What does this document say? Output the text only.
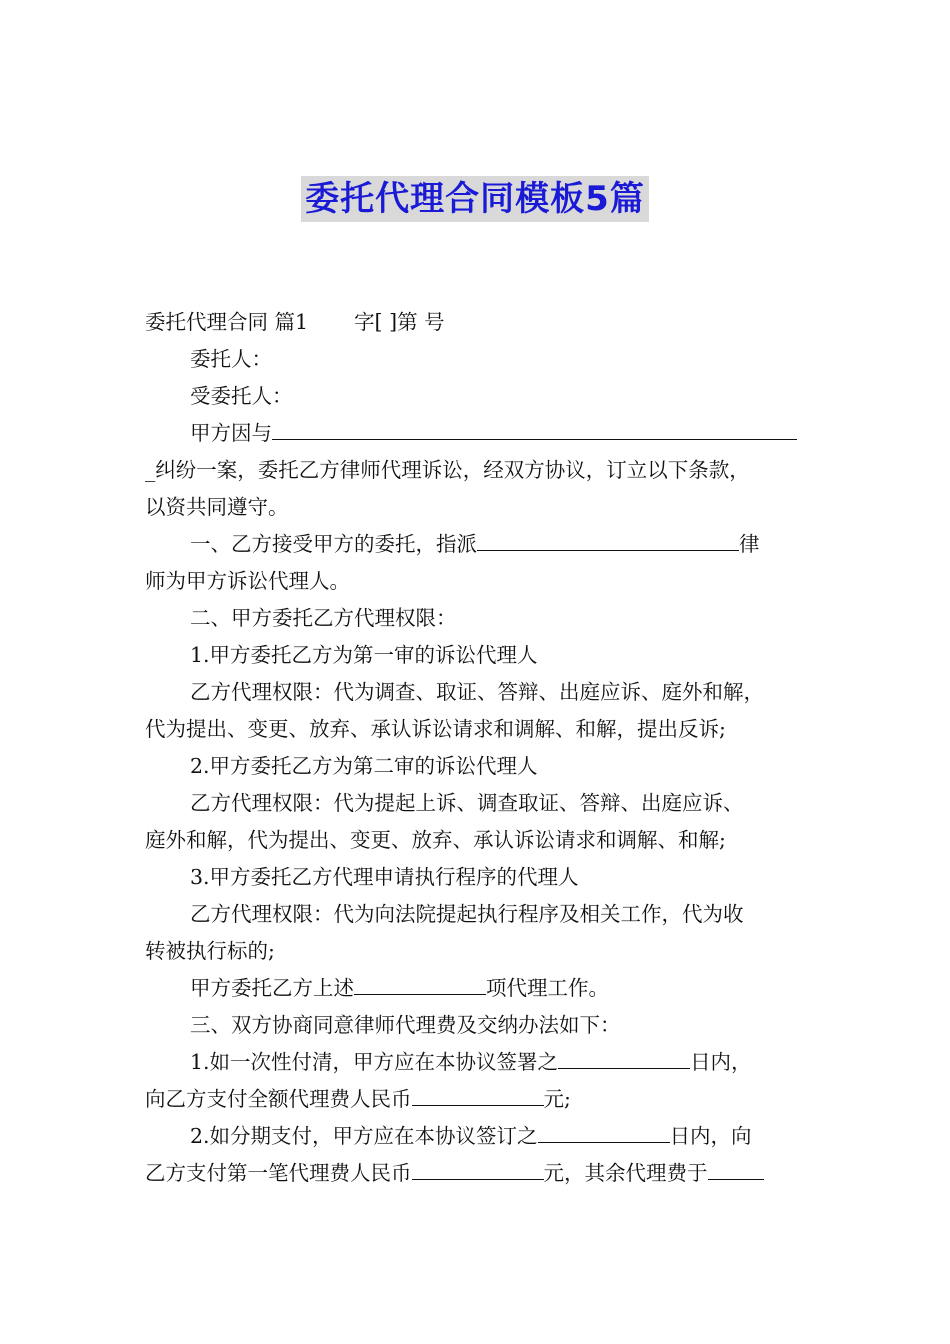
委托代理合同模板5篇
委托代理合同 篇1 字[ ]第 号
委托人：
受委托人：
甲方因与
_纠纷一案，委托乙方律师代理诉讼，经双方协议，订立以下条款，
以资共同遵守。
一、乙方接受甲方的委托，指派	律
师为甲方诉讼代理人。
二、甲方委托乙方代理权限：
1.甲方委托乙方为第一审的诉讼代理人
乙方代理权限：代为调查、取证、答辩、出庭应诉、庭外和解，
代为提出、变更、放弃、承认诉讼请求和调解、和解，提出反诉;
2.甲方委托乙方为第二审的诉讼代理人
乙方代理权限：代为提起上诉、调查取证、答辩、出庭应诉、
庭外和解，代为提出、变更、放弃、承认诉讼请求和调解、和解;
3.甲方委托乙方代理申请执行程序的代理人
乙方代理权限：代为向法院提起执行程序及相关工作，代为收
转被执行标的;
甲方委托乙方上述	项代理工作。
三、双方协商同意律师代理费及交纳办法如下：
1.如一次性付清，甲方应在本协议签署之	日内，
向乙方支付全额代理费人民币	元;
2.如分期支付，甲方应在本协议签订之	日内，向
乙方支付第一笔代理费人民币	元，其余代理费于
